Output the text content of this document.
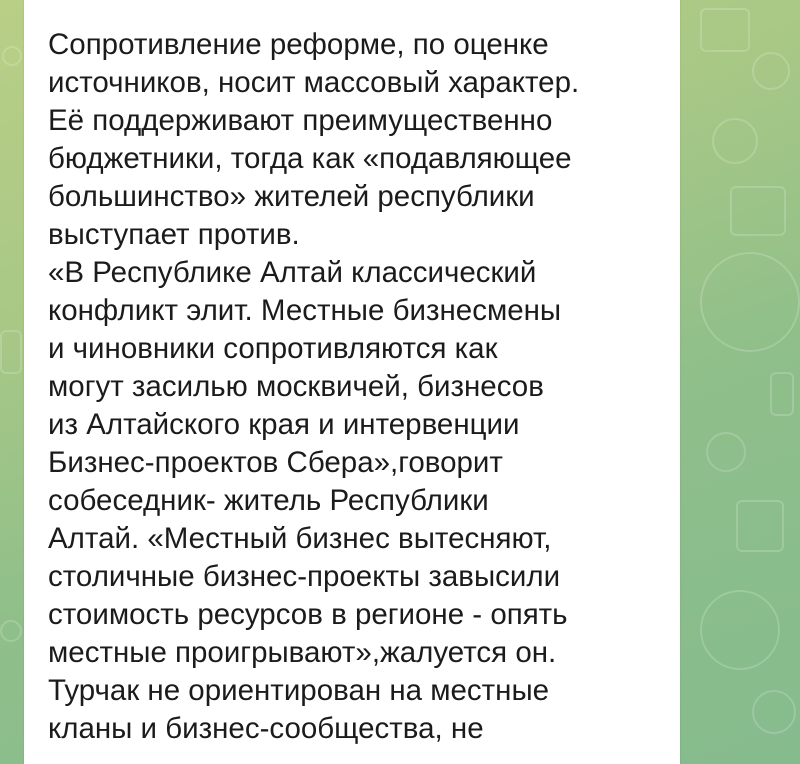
Сопротивление реформе, по оценке
источников, носит массовый характер.
Её поддерживают преимущественно
бюджетники, тогда как «подавляющее
большинство» жителей республики
выступает против.
«В Республике Алтай классический
конфликт элит. Местные бизнесмены
и чиновники сопротивляются как
могут засилью москвичей, бизнесов
из Алтайского края и интервенции
Бизнес-проектов Сбера»,говорит
собеседник- житель Республики
Алтай. «Местный бизнес вытесняют,
столичные бизнес-проекты завысили
стоимость ресурсов в регионе - опять
местные проигрывают»,жалуется он.
Турчак не ориентирован на местные
кланы и бизнес-сообщества, не
